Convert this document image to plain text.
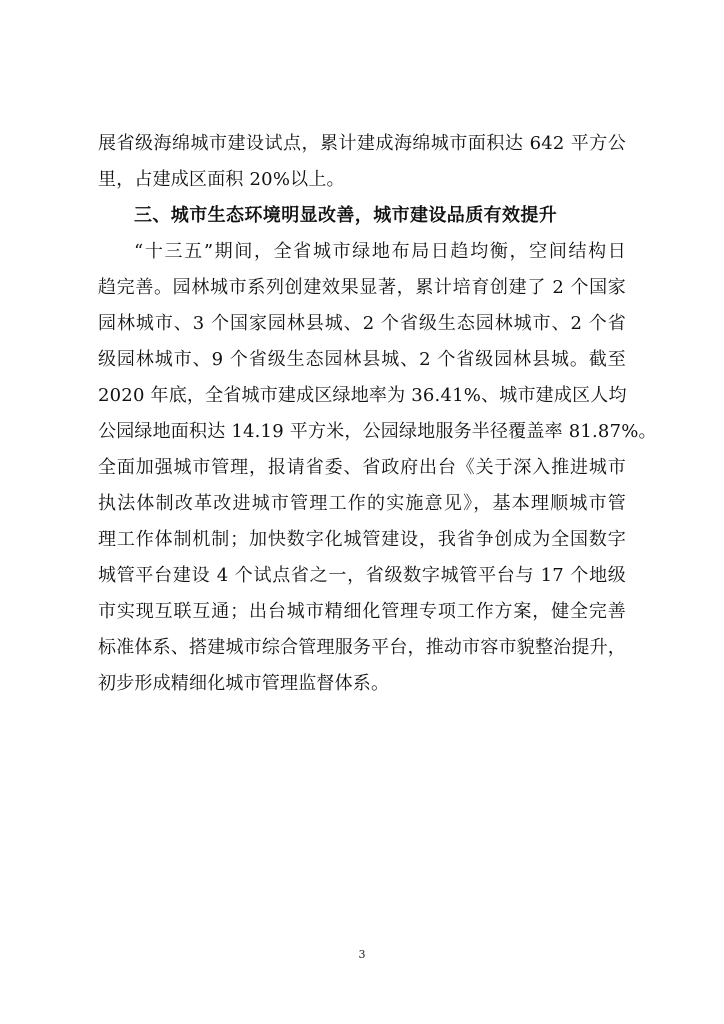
展省级海绵城市建设试点，累计建成海绵城市面积达 642 平方公
里，占建成区面积 20%以上。
三、城市生态环境明显改善，城市建设品质有效提升
“十三五”期间，全省城市绿地布局日趋均衡，空间结构日
趋完善。园林城市系列创建效果显著，累计培育创建了 2 个国家
园林城市、3 个国家园林县城、2 个省级生态园林城市、2 个省
级园林城市、9 个省级生态园林县城、2 个省级园林县城。截至
2020 年底，全省城市建成区绿地率为 36.41%、城市建成区人均
公园绿地面积达 14.19 平方米，公园绿地服务半径覆盖率 81.87%。
全面加强城市管理，报请省委、省政府出台《关于深入推进城市
执法体制改革改进城市管理工作的实施意见》，基本理顺城市管
理工作体制机制；加快数字化城管建设，我省争创成为全国数字
城管平台建设 4 个试点省之一，省级数字城管平台与 17 个地级
市实现互联互通；出台城市精细化管理专项工作方案，健全完善
标准体系、搭建城市综合管理服务平台，推动市容市貌整治提升，
初步形成精细化城市管理监督体系。
3
